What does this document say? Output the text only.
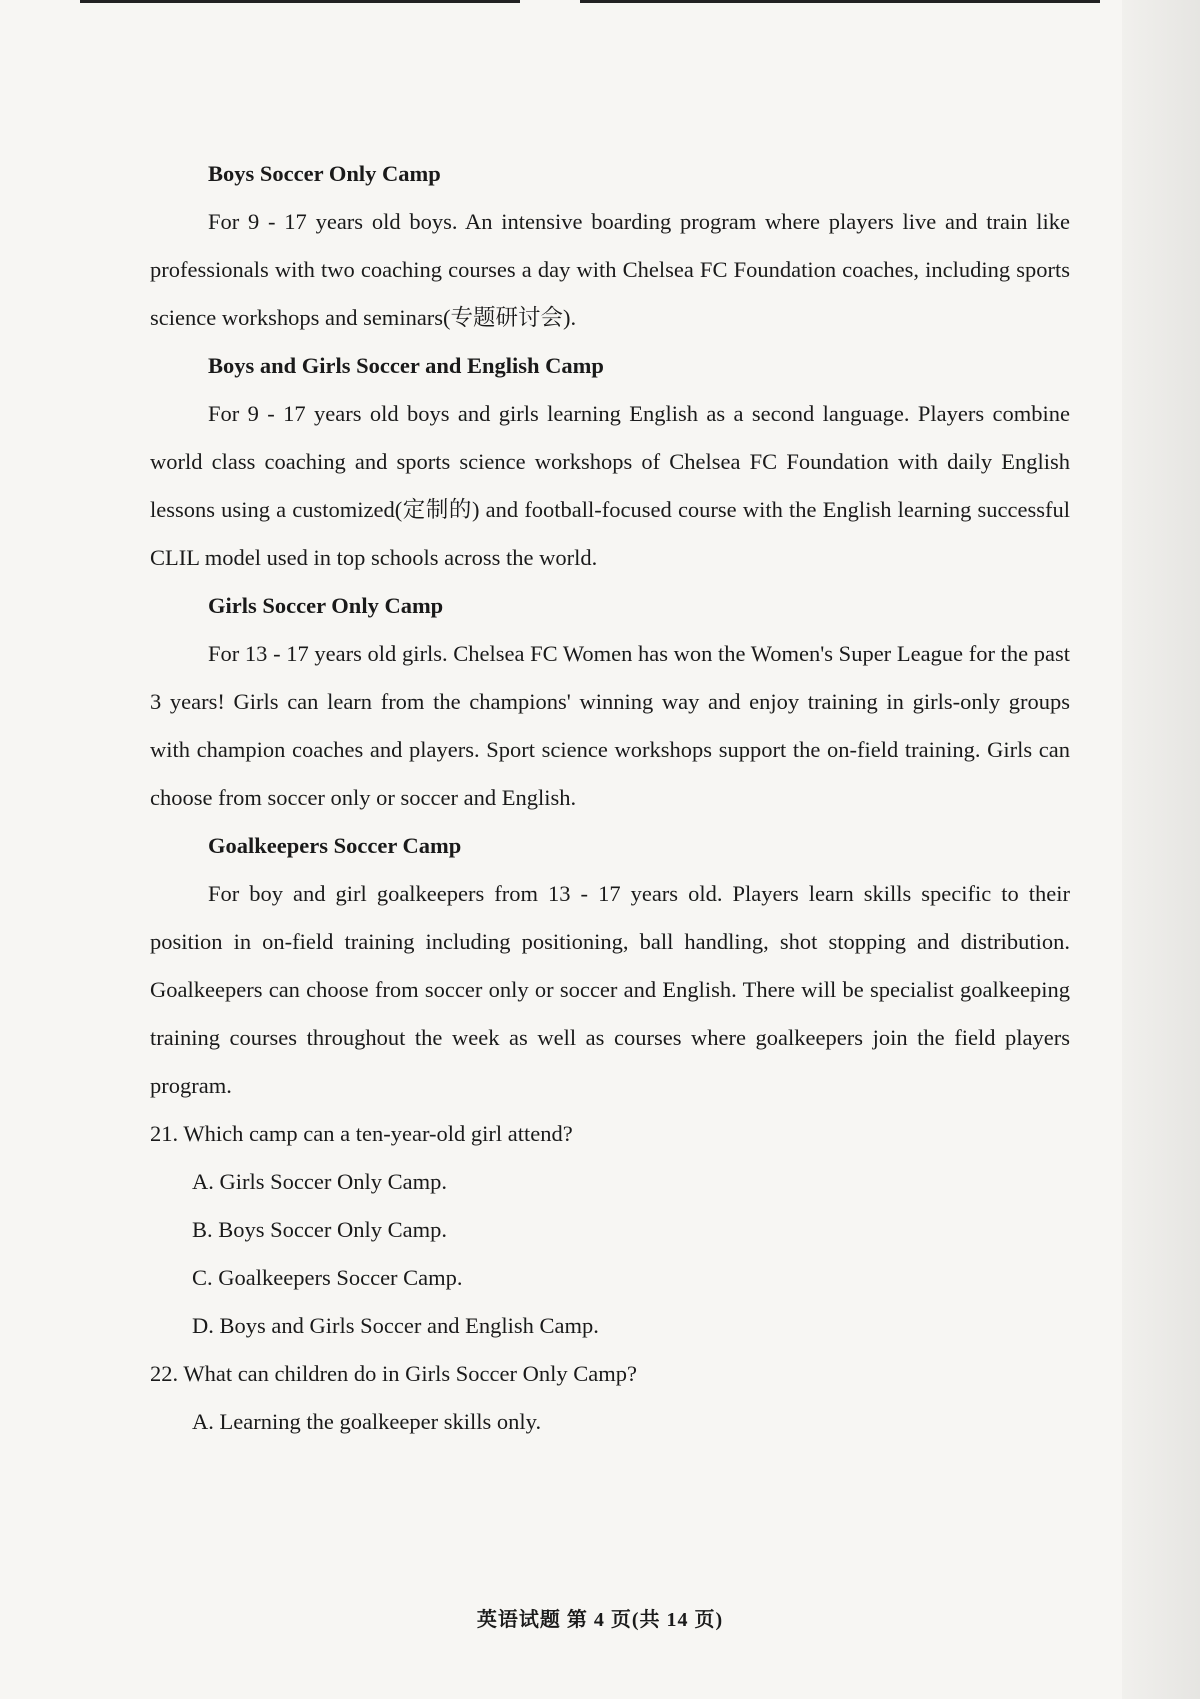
Boys Soccer Only Camp

For 9 - 17 years old boys. An intensive boarding program where players live and train like professionals with two coaching courses a day with Chelsea FC Foundation coaches, including sports science workshops and seminars(专题研讨会).

Boys and Girls Soccer and English Camp

For 9 - 17 years old boys and girls learning English as a second language. Players combine world class coaching and sports science workshops of Chelsea FC Foundation with daily English lessons using a customized(定制的) and football-focused course with the English learning successful CLIL model used in top schools across the world.

Girls Soccer Only Camp

For 13 - 17 years old girls. Chelsea FC Women has won the Women's Super League for the past 3 years! Girls can learn from the champions' winning way and enjoy training in girls-only groups with champion coaches and players. Sport science workshops support the on-field training. Girls can choose from soccer only or soccer and English.

Goalkeepers Soccer Camp

For boy and girl goalkeepers from 13 - 17 years old. Players learn skills specific to their position in on-field training including positioning, ball handling, shot stopping and distribution. Goalkeepers can choose from soccer only or soccer and English. There will be specialist goalkeeping training courses throughout the week as well as courses where goalkeepers join the field players program.

21. Which camp can a ten-year-old girl attend?

A. Girls Soccer Only Camp.
B. Boys Soccer Only Camp.
C. Goalkeepers Soccer Camp.
D. Boys and Girls Soccer and English Camp.

22. What can children do in Girls Soccer Only Camp?

A. Learning the goalkeeper skills only.
英语试题 第 4 页(共 14 页)
